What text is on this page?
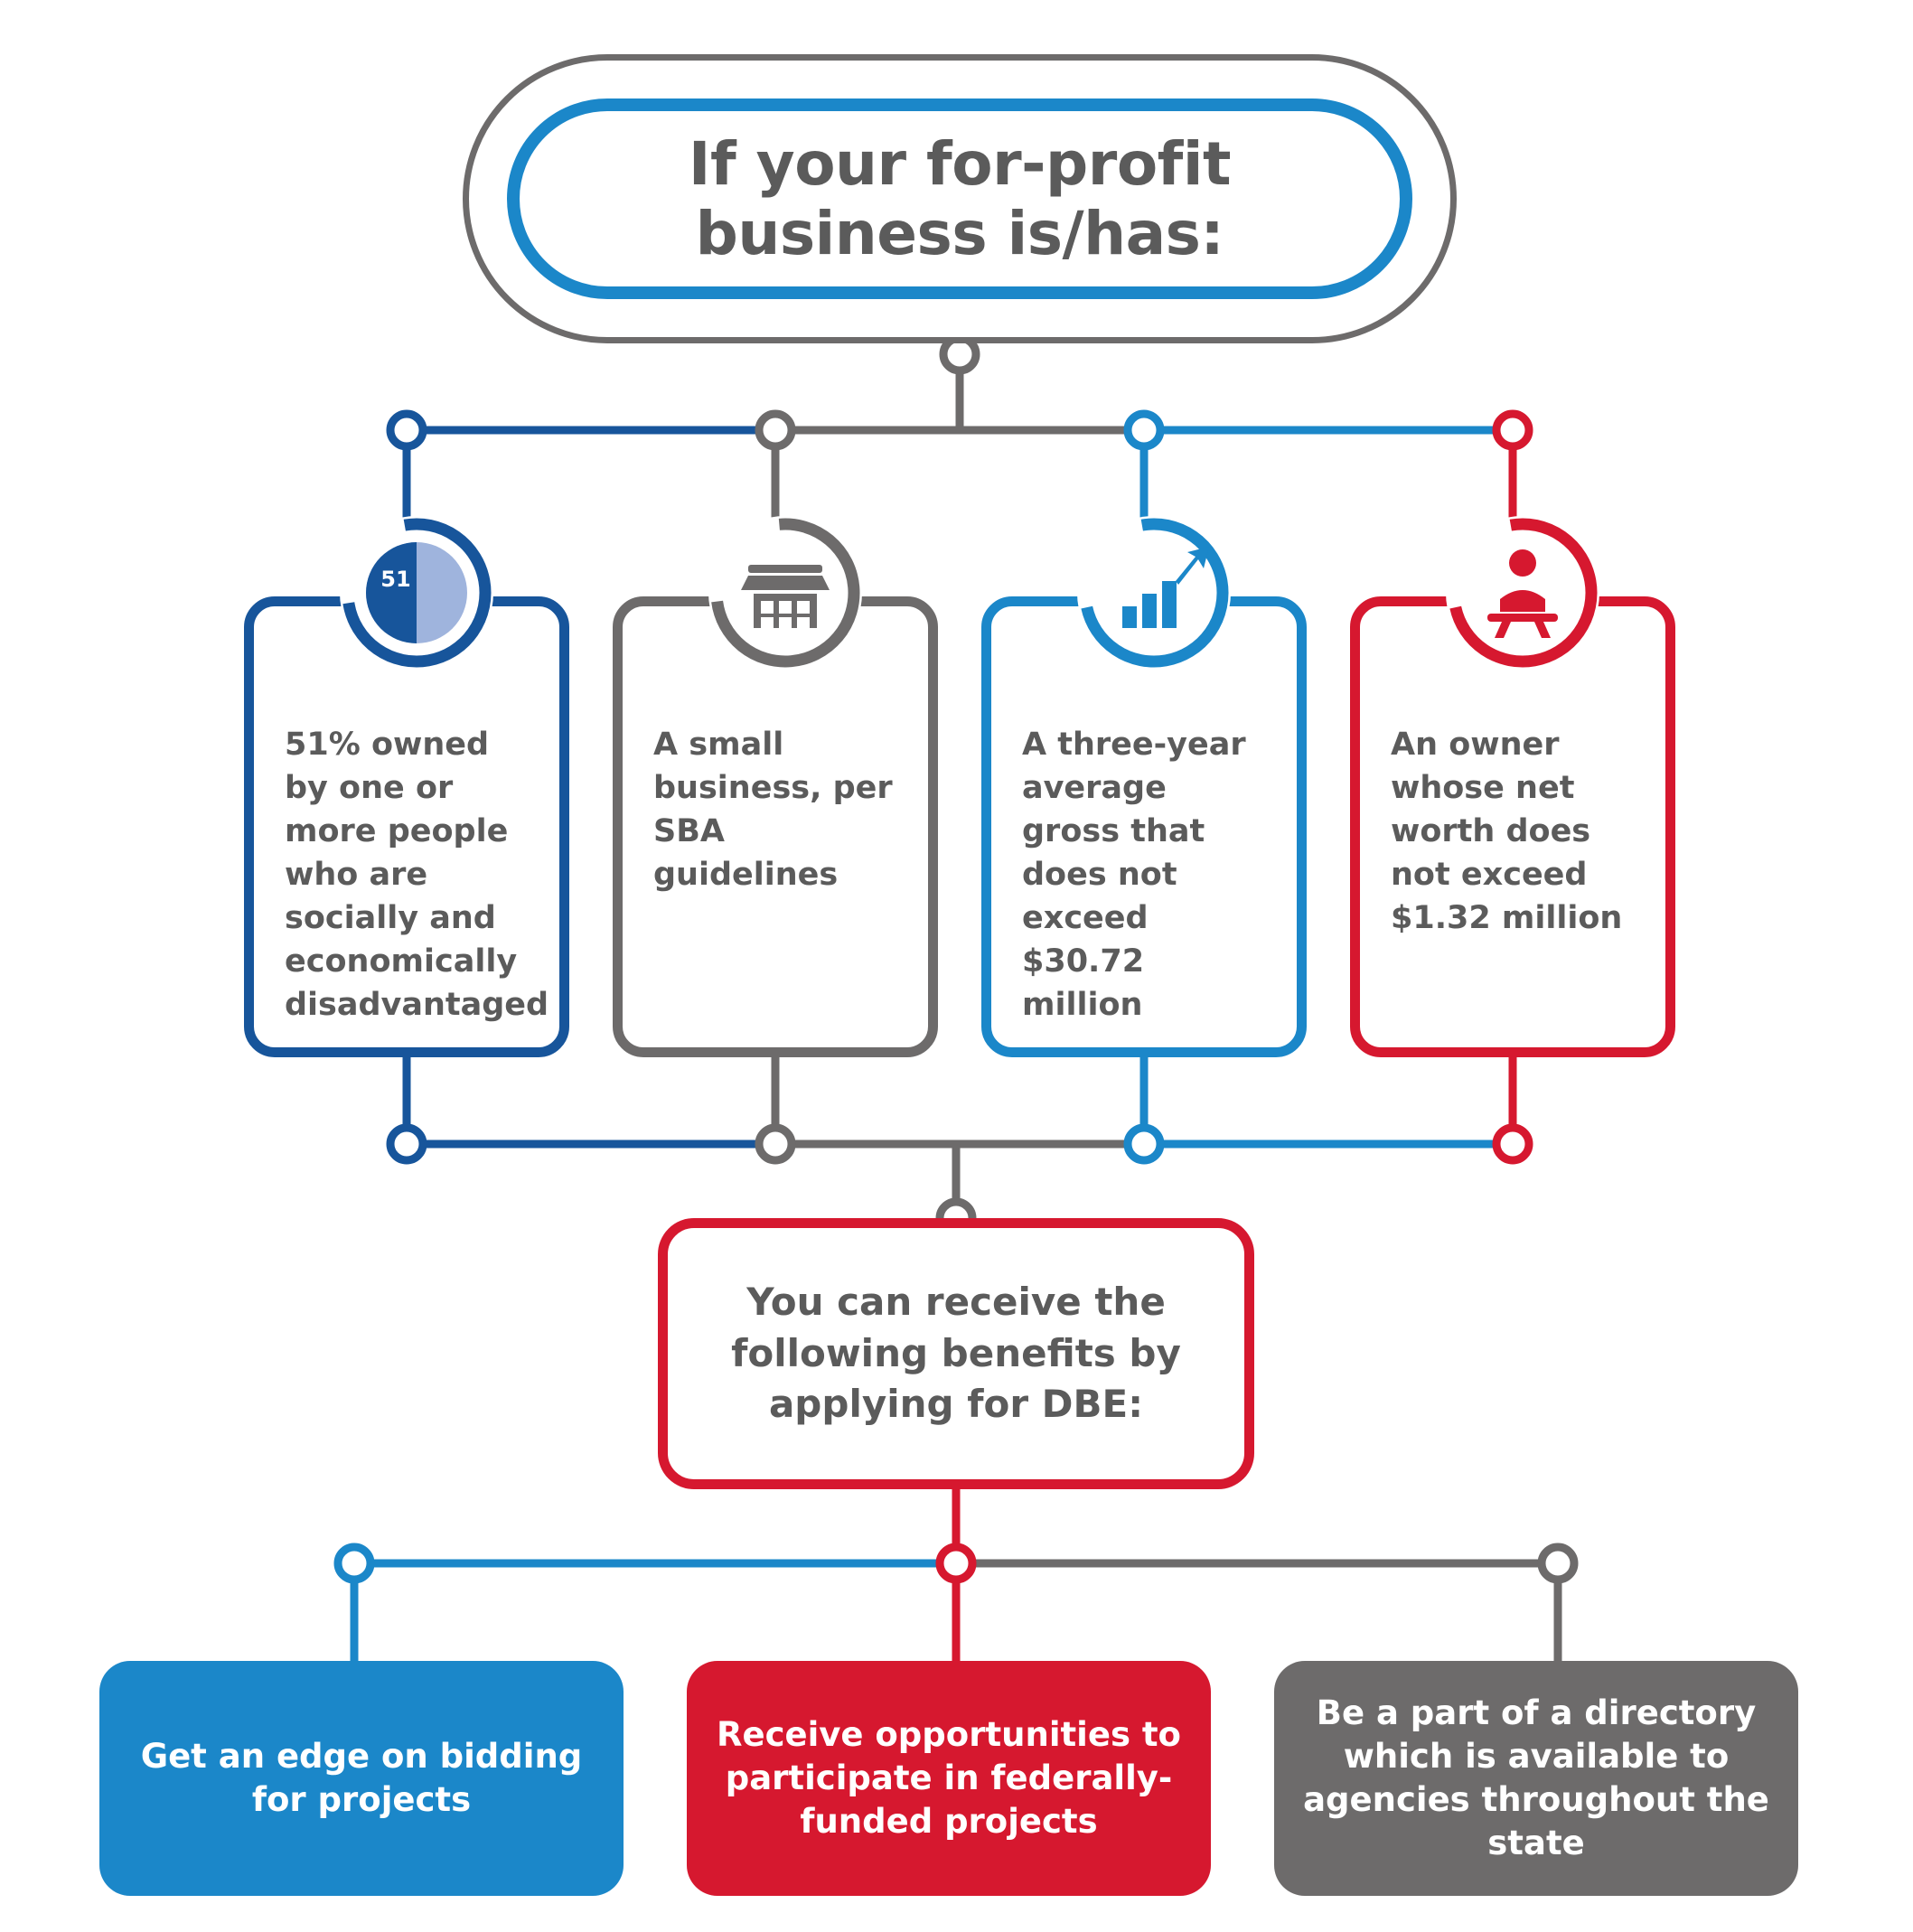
If your for-profit
business is/has:
51
51% owned by one or more people who are socially and economically disadvantaged
A small business, per SBA guidelines
A three-year average gross that does not exceed $30.72 million
An owner whose net worth does not exceed $1.32 million
You can receive the following benefits by applying for DBE:
Get an edge on bidding for projects
Receive opportunities to participate in federally-funded projects
Be a part of a directory which is available to agencies throughout the state
